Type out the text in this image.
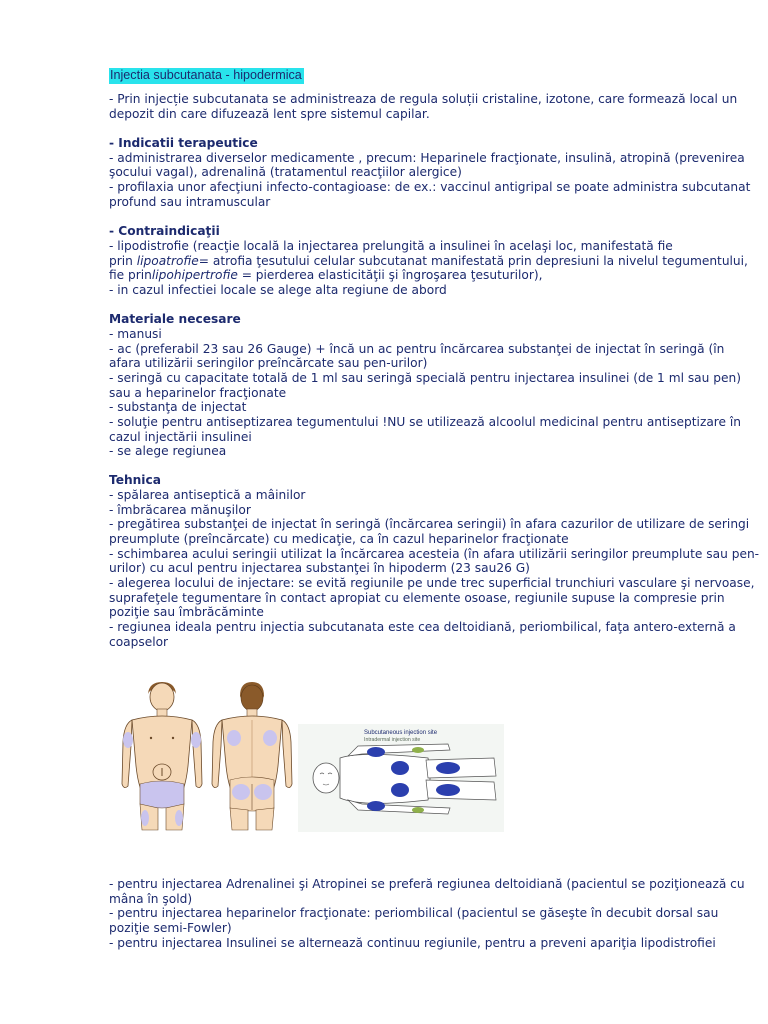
Injectia subcutanata - hipodermica
- Prin injecție subcutanata se administreaza de regula soluții cristaline, izotone, care formează local un
depozit din care difuzează lent spre sistemul capilar.
- Indicatii terapeutice
- administrarea diverselor medicamente , precum: Heparinele fracţionate, insulină, atropină (prevenirea
şocului vagal), adrenalină (tratamentul reacţiilor alergice)
- profilaxia unor afecţiuni infecto-contagioase: de ex.: vaccinul antigripal se poate administra subcutanat
profund sau intramuscular
- Contraindicaţii
- lipodistrofie (reacţie locală la injectarea prelungită a insulinei în acelaşi loc, manifestată fie
prin lipoatrofie= atrofia ţesutului celular subcutanat manifestată prin depresiuni la nivelul tegumentului,
fie prinlipohipertrofie = pierderea elasticităţii şi îngroşarea ţesuturilor),
- in cazul infectiei locale se alege alta regiune de abord
Materiale necesare
- manusi
- ac (preferabil 23 sau 26 Gauge) + încă un ac pentru încărcarea substanţei de injectat în seringă (în
afara utilizării seringilor preîncărcate sau pen-urilor)
- seringă cu capacitate totală de 1 ml sau seringă specială pentru injectarea insulinei (de 1 ml sau pen)
sau a heparinelor fracţionate
- substanţa de injectat
- soluţie pentru antiseptizarea tegumentului !NU se utilizează alcoolul medicinal pentru antiseptizare în
cazul injectării insulinei
- se alege regiunea
Tehnica
- spălarea antiseptică a mâinilor
- îmbrăcarea mănuşilor
- pregătirea substanţei de injectat în seringă (încărcarea seringii) în afara cazurilor de utilizare de seringi
preumplute (preîncărcate) cu medicaţie, ca în cazul heparinelor fracţionate
- schimbarea acului seringii utilizat la încărcarea acesteia (în afara utilizării seringilor preumplute sau pen-
urilor) cu acul pentru injectarea substanţei în hipoderm (23 sau26 G)
- alegerea locului de injectare: se evită regiunile pe unde trec superficial trunchiuri vasculare şi nervoase,
suprafeţele tegumentare în contact apropiat cu elemente osoase, regiunile supuse la compresie prin
poziţie sau îmbrăcăminte
- regiunea ideala pentru injectia subcutanata este cea deltoidiană, periombilical, faţa antero-externă a
coapselor
Subcutaneous injection site
Intradermal injection site
- pentru injectarea Adrenalinei şi Atropinei se preferă regiunea deltoidiană (pacientul se poziţionează cu
mâna în şold)
- pentru injectarea heparinelor fracţionate: periombilical (pacientul se găseşte în decubit dorsal sau
poziţie semi-Fowler)
- pentru injectarea Insulinei se alternează continuu regiunile, pentru a preveni apariţia lipodistrofiei
